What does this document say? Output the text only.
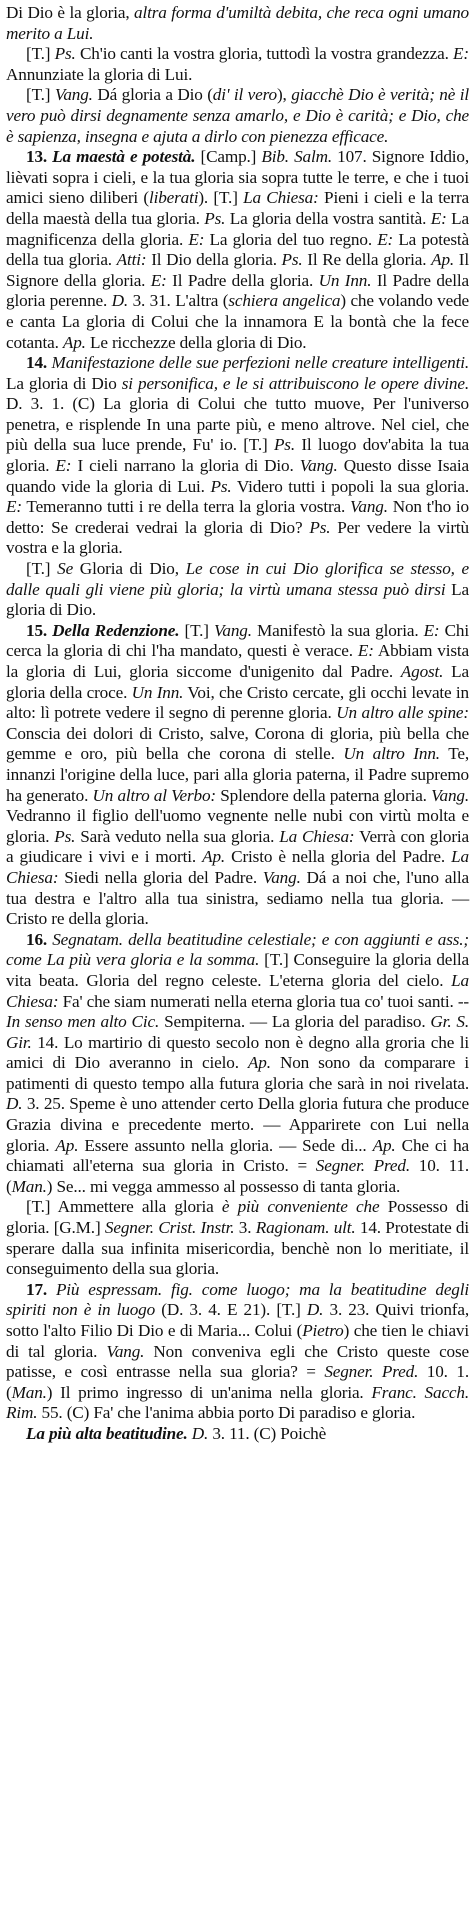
Di Dio è la gloria, altra forma d'umiltà debita, che reca ogni umano merito a Lui.
[T.] Ps. Ch'io canti la vostra gloria, tuttodì la vostra grandezza. E: Annunziate la gloria di Lui.
[T.] Vang. Dá gloria a Dio (di' il vero), giacchè Dio è verità; nè il vero può dirsi degnamente senza amarlo, e Dio è carità; e Dio, che è sapienza, insegna e ajuta a dirlo con pienezza efficace.
13. La maestà e potestà. [Camp.] Bib. Salm. 107. Signore Iddio, lièvati sopra i cieli, e la tua gloria sia sopra tutte le terre, e che i tuoi amici sieno diliberi (liberati). [T.] La Chiesa: Pieni i cieli e la terra della maestà della tua gloria. Ps. La gloria della vostra santità. E: La magnificenza della gloria. E: La gloria del tuo regno. E: La potestà della tua gloria. Atti: Il Dio della gloria. Ps. Il Re della gloria. Ap. Il Signore della gloria. E: Il Padre della gloria. Un Inn. Il Padre della gloria perenne. D. 3. 31. L'altra (schiera angelica) che volando vede e canta La gloria di Colui che la innamora E la bontà che la fece cotanta. Ap. Le ricchezze della gloria di Dio.
14. Manifestazione delle sue perfezioni nelle creature intelligenti. La gloria di Dio si personifica, e le si attribuiscono le opere divine. D. 3. 1. (C) La gloria di Colui che tutto muove, Per l'universo penetra, e risplende In una parte più, e meno altrove. Nel ciel, che più della sua luce prende, Fu' io. [T.] Ps. Il luogo dov'abita la tua gloria. E: I cieli narrano la gloria di Dio. Vang. Questo disse Isaia quando vide la gloria di Lui. Ps. Videro tutti i popoli la sua gloria. E: Temeranno tutti i re della terra la gloria vostra. Vang. Non t'ho io detto: Se crederai vedrai la gloria di Dio? Ps. Per vedere la virtù vostra e la gloria.
[T.] Se Gloria di Dio, Le cose in cui Dio glorifica se stesso, e dalle quali gli viene più gloria; la virtù umana stessa può dirsi La gloria di Dio.
15. Della Redenzione. [T.] Vang. Manifestò la sua gloria. E: Chi cerca la gloria di chi l'ha mandato, questi è verace. E: Abbiam vista la gloria di Lui, gloria siccome d'unigenito dal Padre. Agost. La gloria della croce. Un Inn. Voi, che Cristo cercate, gli occhi levate in alto: lì potrete vedere il segno di perenne gloria. Un altro alle spine: Conscia dei dolori di Cristo, salve, Corona di gloria, più bella che gemme e oro, più bella che corona di stelle. Un altro Inn. Te, innanzi l'origine della luce, pari alla gloria paterna, il Padre supremo ha generato. Un altro al Verbo: Splendore della paterna gloria. Vang. Vedranno il figlio dell'uomo vegnente nelle nubi con virtù molta e gloria. Ps. Sarà veduto nella sua gloria. La Chiesa: Verrà con gloria a giudicare i vivi e i morti. Ap. Cristo è nella gloria del Padre. La Chiesa: Siedi nella gloria del Padre. Vang. Dá a noi che, l'uno alla tua destra e l'altro alla tua sinistra, sediamo nella tua gloria. — Cristo re della gloria.
16. Segnatam. della beatitudine celestiale; e con aggiunti e ass.; come La più vera gloria e la somma. [T.] Conseguire la gloria della vita beata. Gloria del regno celeste. L'eterna gloria del cielo. La Chiesa: Fa' che siam numerati nella eterna gloria tua co' tuoi santi. -- In senso men alto Cic. Sempiterna. — La gloria del paradiso. Gr. S. Gir. 14. Lo martirio di questo secolo non è degno alla groria che li amici di Dio averanno in cielo. Ap. Non sono da comparare i patimenti di questo tempo alla futura gloria che sarà in noi rivelata. D. 3. 25. Speme è uno attender certo Della gloria futura che produce Grazia divina e precedente merto. — Apparirete con Lui nella gloria. Ap. Essere assunto nella gloria. — Sede di... Ap. Che ci ha chiamati all'eterna sua gloria in Cristo. = Segner. Pred. 10. 11. (Man.) Se... mi vegga ammesso al possesso di tanta gloria.
[T.] Ammettere alla gloria è più conveniente che Possesso di gloria. [G.M.] Segner. Crist. Instr. 3. Ragionam. ult. 14. Protestate di sperare dalla sua infinita misericordia, benchè non lo meritiate, il conseguimento della sua gloria.
17. Più espressam. fig. come luogo; ma la beatitudine degli spiriti non è in luogo (D. 3. 4. E 21). [T.] D. 3. 23. Quivi trionfa, sotto l'alto Filio Di Dio e di Maria... Colui (Pietro) che tien le chiavi di tal gloria. Vang. Non conveniva egli che Cristo queste cose patisse, e così entrasse nella sua gloria? = Segner. Pred. 10. 1. (Man.) Il primo ingresso di un'anima nella gloria. Franc. Sacch. Rim. 55. (C) Fa' che l'anima abbia porto Di paradiso e gloria.
La più alta beatitudine. D. 3. 11. (C) Poichè
